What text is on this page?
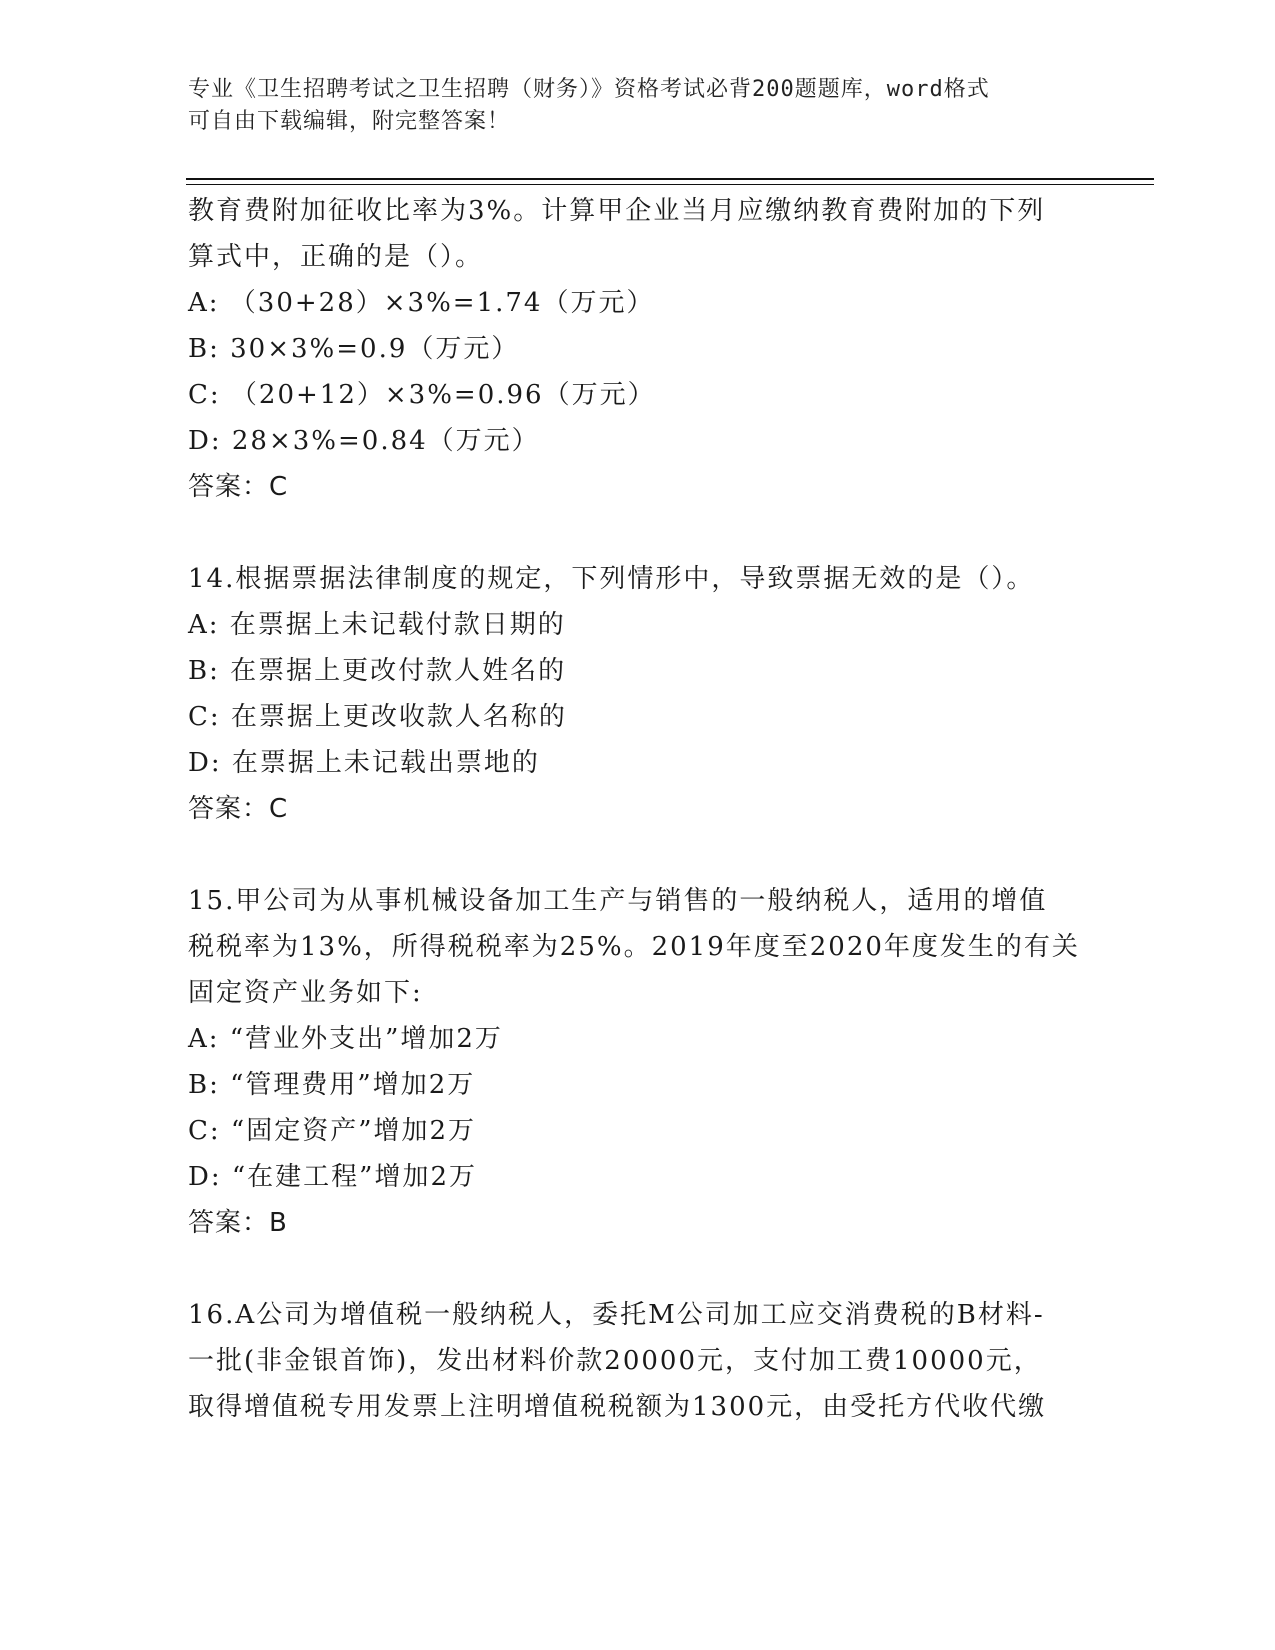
专业《卫生招聘考试之卫生招聘（财务）》资格考试必背200题题库，word格式
可自由下载编辑，附完整答案！
教育费附加征收比率为3%。计算甲企业当月应缴纳教育费附加的下列
算式中，正确的是（）。
A: （30+28）×3%=1.74（万元）
B: 30×3%=0.9（万元）
C: （20+12）×3%=0.96（万元）
D: 28×3%=0.84（万元）
答案：C
14.根据票据法律制度的规定，下列情形中，导致票据无效的是（）。
A: 在票据上未记载付款日期的
B: 在票据上更改付款人姓名的
C: 在票据上更改收款人名称的
D: 在票据上未记载出票地的
答案：C
15.甲公司为从事机械设备加工生产与销售的一般纳税人，适用的增值
税税率为13%，所得税税率为25%。2019年度至2020年度发生的有关
固定资产业务如下:
A: “营业外支出”增加2万
B: “管理费用”增加2万
C: “固定资产”增加2万
D: “在建工程”增加2万
答案：B
16.A公司为增值税一般纳税人，委托M公司加工应交消费税的B材料-
一批(非金银首饰)，发出材料价款20000元，支付加工费10000元，
取得增值税专用发票上注明增值税税额为1300元，由受托方代收代缴
